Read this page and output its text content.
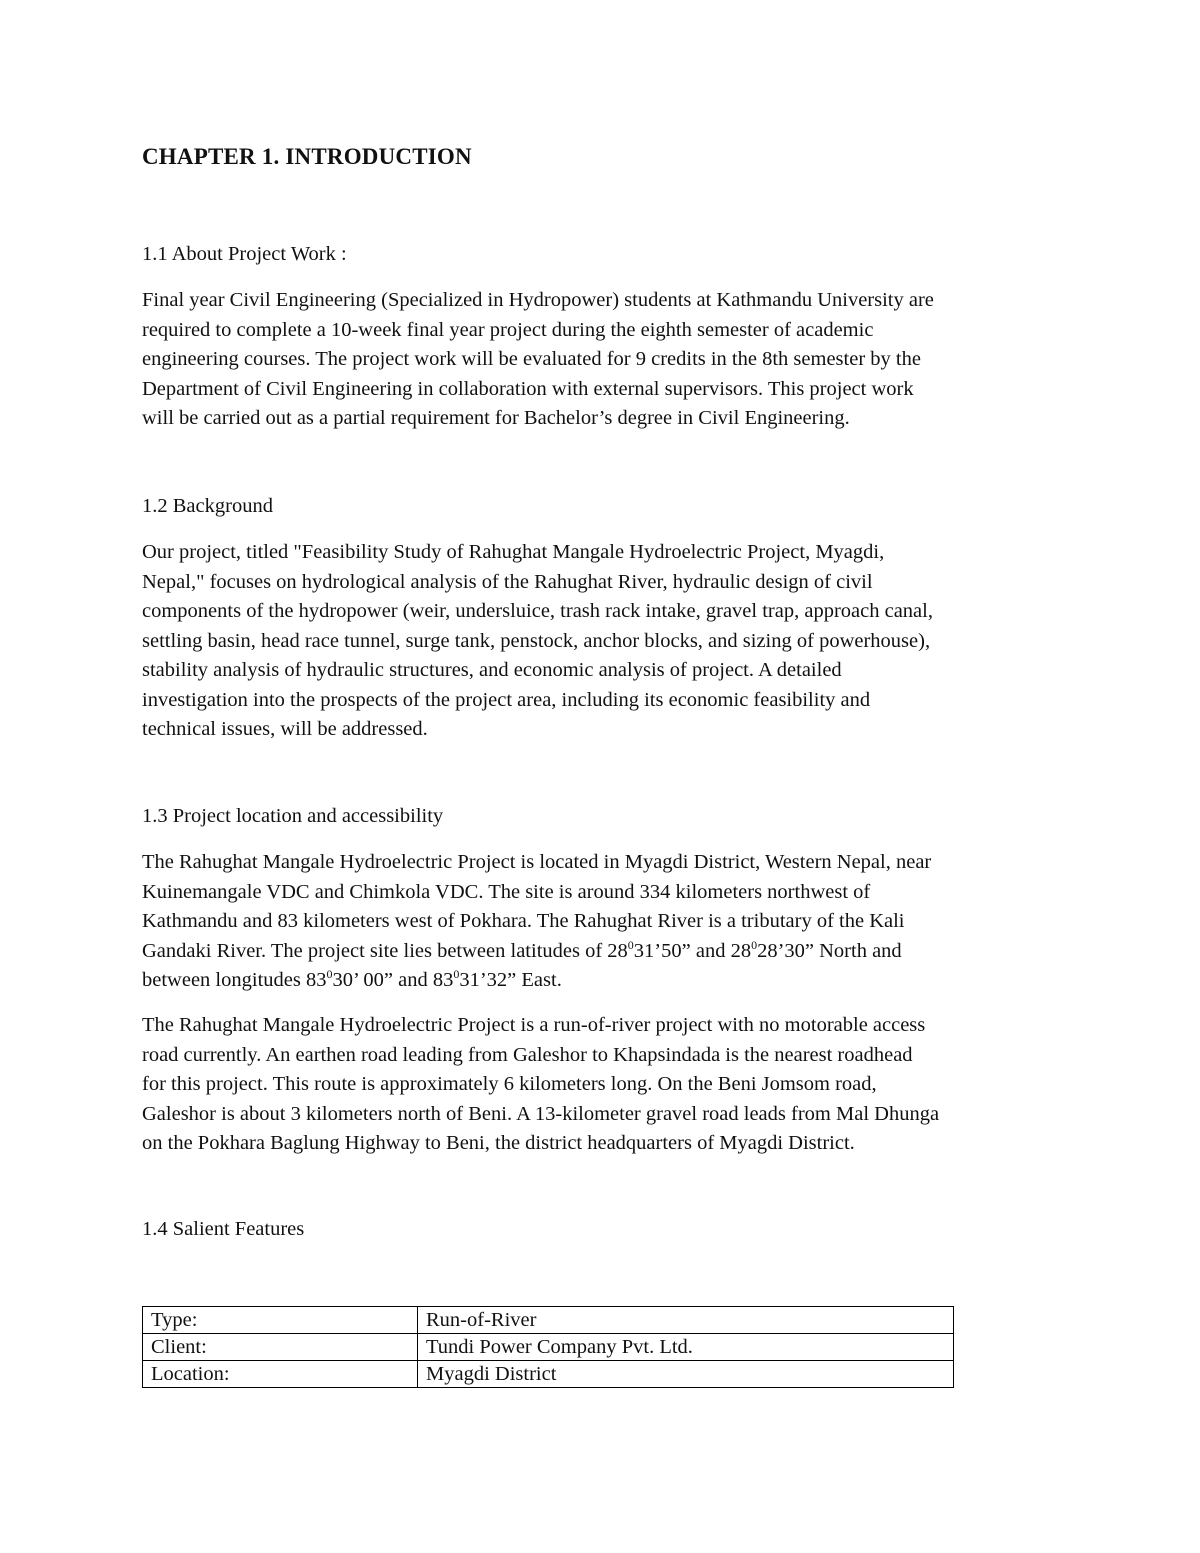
CHAPTER 1. INTRODUCTION
1.1 About Project Work :

Final year Civil Engineering (Specialized in Hydropower) students at Kathmandu University are
required to complete a 10-week final year project during the eighth semester of academic
engineering courses. The project work will be evaluated for 9 credits in the 8th semester by the
Department of Civil Engineering in collaboration with external supervisors. This project work
will be carried out as a partial requirement for Bachelor’s degree in Civil Engineering.

1.2 Background

Our project, titled "Feasibility Study of Rahughat Mangale Hydroelectric Project, Myagdi,
Nepal," focuses on hydrological analysis of the Rahughat River, hydraulic design of civil
components of the hydropower (weir, undersluice, trash rack intake, gravel trap, approach canal,
settling basin, head race tunnel, surge tank, penstock, anchor blocks, and sizing of powerhouse),
stability analysis of hydraulic structures, and economic analysis of project. A detailed
investigation into the prospects of the project area, including its economic feasibility and
technical issues, will be addressed.

1.3 Project location and accessibility

The Rahughat Mangale Hydroelectric Project is located in Myagdi District, Western Nepal, near
Kuinemangale VDC and Chimkola VDC. The site is around 334 kilometers northwest of
Kathmandu and 83 kilometers west of Pokhara. The Rahughat River is a tributary of the Kali
Gandaki River. The project site lies between latitudes of $28^031’50$” and $28^028’30$” North and
between longitudes $83^030$’ 00” and $83^031’32$” East.

The Rahughat Mangale Hydroelectric Project is a run-of-river project with no motorable access
road currently. An earthen road leading from Galeshor to Khapsindada is the nearest roadhead
for this project. This route is approximately 6 kilometers long. On the Beni Jomsom road,
Galeshor is about 3 kilometers north of Beni. A 13-kilometer gravel road leads from Mal Dhunga
on the Pokhara Baglung Highway to Beni, the district headquarters of Myagdi District.

1.4 Salient Features
Type:	Run-of-River
Client:	Tundi Power Company Pvt. Ltd.
Location:	Myagdi District
